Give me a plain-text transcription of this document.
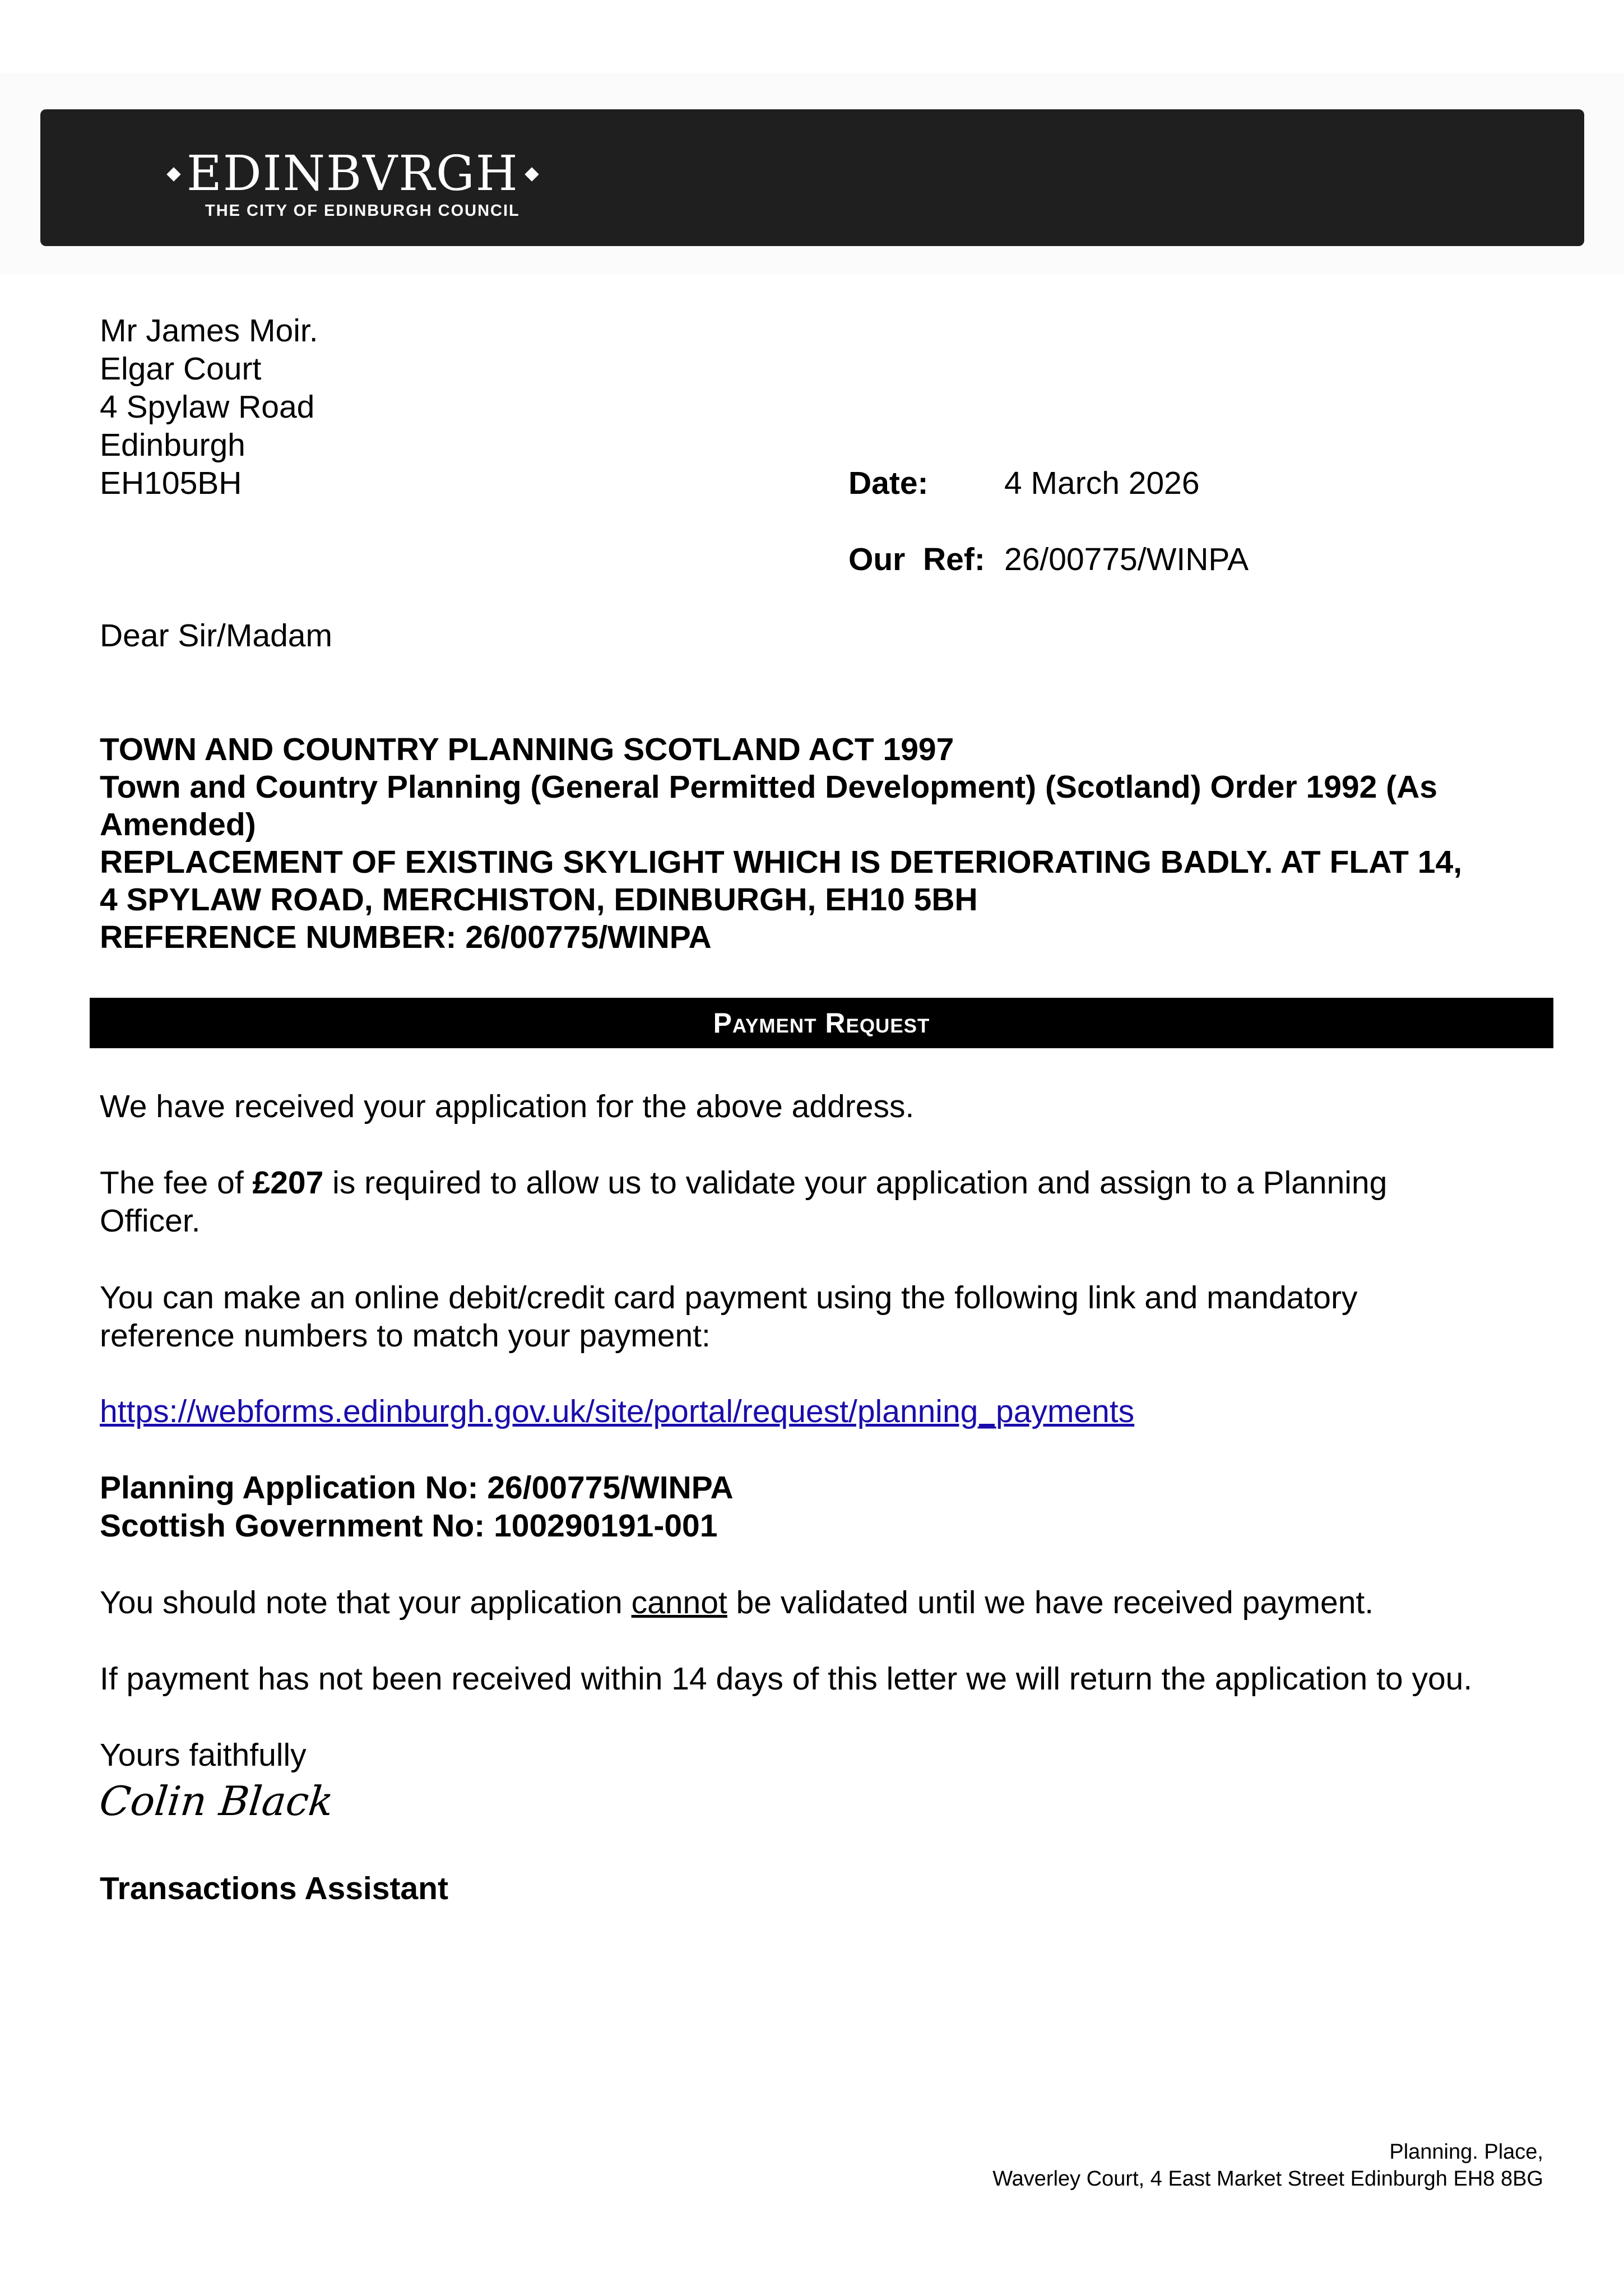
EDINBVRGH
THE CITY OF EDINBURGH COUNCIL
Mr James Moir.
Elgar Court
4 Spylaw Road
Edinburgh
EH105BH	Date: 4 March 2026
Our  Ref: 26/00775/WINPA
Dear Sir/Madam
TOWN AND COUNTRY PLANNING SCOTLAND ACT 1997
Town and Country Planning (General Permitted Development) (Scotland) Order 1992 (As
Amended)
REPLACEMENT OF EXISTING SKYLIGHT WHICH IS DETERIORATING BADLY. AT FLAT 14,
4 SPYLAW ROAD, MERCHISTON, EDINBURGH, EH10 5BH
REFERENCE NUMBER: 26/00775/WINPA
Payment Request
We have received your application for the above address.
The fee of £207 is required to allow us to validate your application and assign to a Planning
Officer.
You can make an online debit/credit card payment using the following link and mandatory
reference numbers to match your payment:
https://webforms.edinburgh.gov.uk/site/portal/request/planning_payments
Planning Application No: 26/00775/WINPA
Scottish Government No: 100290191-001
You should note that your application cannot be validated until we have received payment.
If payment has not been received within 14 days of this letter we will return the application to you.
Yours faithfully
Colin Black
Transactions Assistant
Planning. Place,
Waverley Court, 4 East Market Street Edinburgh EH8 8BG
